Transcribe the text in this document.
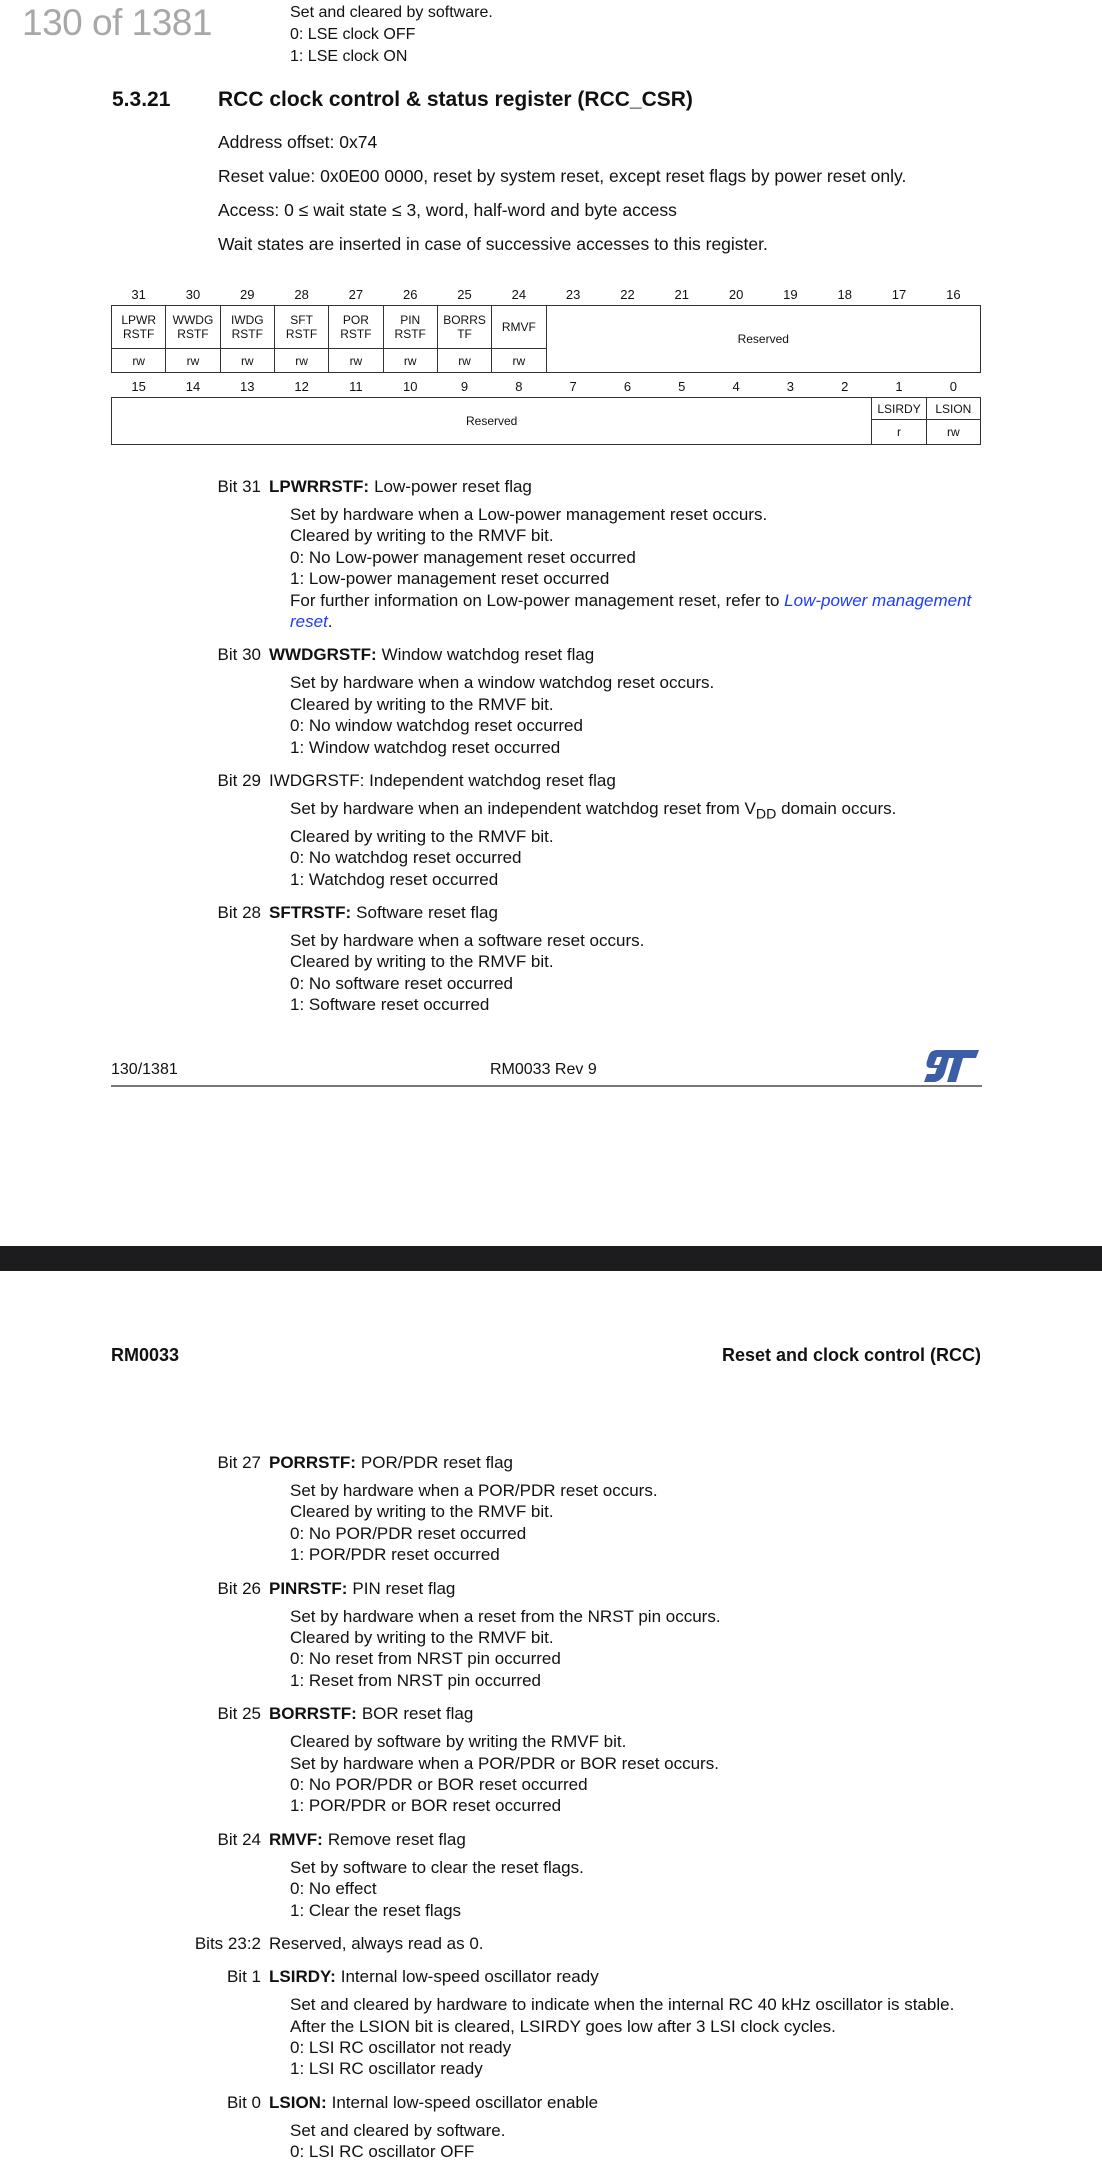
130 of 1381	Set and cleared by software.
0: LSE clock OFF
1: LSE clock ON
5.3.21 RCC clock control & status register (RCC_CSR)
Address offset: 0x74
Reset value: 0x0E00 0000, reset by system reset, except reset flags by power reset only.
Access: 0 ≤ wait state ≤ 3, word, half-word and byte access
Wait states are inserted in case of successive accesses to this register.
31	30	29	28	27	26	25	24	23	22	21	20	19	18	17	16
LPWR RSTF	WWDG RSTF	IWDG RSTF	SFT RSTF	POR RSTF	PIN RSTF	BORRS TF	RMVF	Reserved							
rw	rw	rw	rw	rw	rw	rw	rw								
15	14	13	12	11	10	9	8	7	6	5	4	3	2	1	0
Reserved														LSIRDY	LSION
														r	rw
Bit 31 LPWRRSTF: Low-power reset flag
Set by hardware when a Low-power management reset occurs.
Cleared by writing to the RMVF bit.
0: No Low-power management reset occurred
1: Low-power management reset occurred
For further information on Low-power management reset, refer to Low-power management reset.
Bit 30 WWDGRSTF: Window watchdog reset flag
Set by hardware when a window watchdog reset occurs.
Cleared by writing to the RMVF bit.
0: No window watchdog reset occurred
1: Window watchdog reset occurred
Bit 29 IWDGRSTF: Independent watchdog reset flag
Set by hardware when an independent watchdog reset from $V_{DD}$ domain occurs.
Cleared by writing to the RMVF bit.
0: No watchdog reset occurred
1: Watchdog reset occurred
Bit 28 SFTRSTF: Software reset flag
Set by hardware when a software reset occurs.
Cleared by writing to the RMVF bit.
0: No software reset occurred
1: Software reset occurred
130/1381	RM0033 Rev 9
RM0033	Reset and clock control (RCC)
Bit 27 PORRSTF: POR/PDR reset flag
Set by hardware when a POR/PDR reset occurs.
Cleared by writing to the RMVF bit.
0: No POR/PDR reset occurred
1: POR/PDR reset occurred
Bit 26 PINRSTF: PIN reset flag
Set by hardware when a reset from the NRST pin occurs.
Cleared by writing to the RMVF bit.
0: No reset from NRST pin occurred
1: Reset from NRST pin occurred
Bit 25 BORRSTF: BOR reset flag
Cleared by software by writing the RMVF bit.
Set by hardware when a POR/PDR or BOR reset occurs.
0: No POR/PDR or BOR reset occurred
1: POR/PDR or BOR reset occurred
Bit 24 RMVF: Remove reset flag
Set by software to clear the reset flags.
0: No effect
1: Clear the reset flags
Bits 23:2 Reserved, always read as 0.
Bit 1 LSIRDY: Internal low-speed oscillator ready
Set and cleared by hardware to indicate when the internal RC 40 kHz oscillator is stable.
After the LSION bit is cleared, LSIRDY goes low after 3 LSI clock cycles.
0: LSI RC oscillator not ready
1: LSI RC oscillator ready
Bit 0 LSION: Internal low-speed oscillator enable
Set and cleared by software.
0: LSI RC oscillator OFF
